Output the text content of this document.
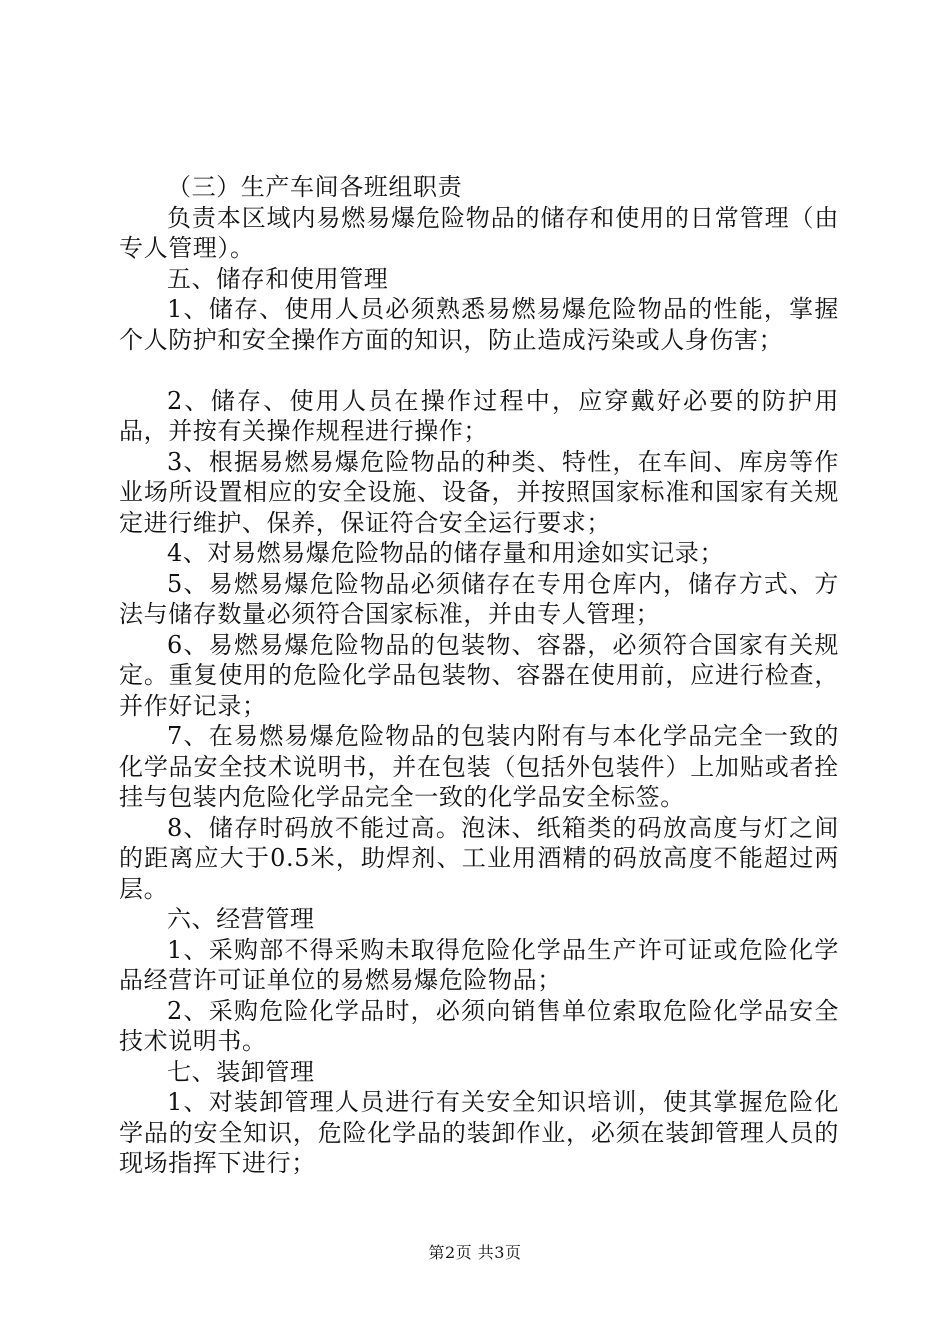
（三）生产车间各班组职责

负责本区域内易燃易爆危险物品的储存和使用的日常管理（由专人管理）。

五、储存和使用管理

1、储存、使用人员必须熟悉易燃易爆危险物品的性能，掌握个人防护和安全操作方面的知识，防止造成污染或人身伤害；

2、储存、使用人员在操作过程中，应穿戴好必要的防护用品，并按有关操作规程进行操作；

3、根据易燃易爆危险物品的种类、特性，在车间、库房等作业场所设置相应的安全设施、设备，并按照国家标准和国家有关规定进行维护、保养，保证符合安全运行要求；

4、对易燃易爆危险物品的储存量和用途如实记录；

5、易燃易爆危险物品必须储存在专用仓库内，储存方式、方法与储存数量必须符合国家标准，并由专人管理；

6、易燃易爆危险物品的包装物、容器，必须符合国家有关规定。重复使用的危险化学品包装物、容器在使用前，应进行检查，并作好记录；

7、在易燃易爆危险物品的包装内附有与本化学品完全一致的化学品安全技术说明书，并在包装（包括外包装件）上加贴或者拴挂与包装内危险化学品完全一致的化学品安全标签。

8、储存时码放不能过高。泡沫、纸箱类的码放高度与灯之间的距离应大于0.5米，助焊剂、工业用酒精的码放高度不能超过两层。

六、经营管理

1、采购部不得采购未取得危险化学品生产许可证或危险化学品经营许可证单位的易燃易爆危险物品；

2、采购危险化学品时，必须向销售单位索取危险化学品安全技术说明书。

七、装卸管理

1、对装卸管理人员进行有关安全知识培训，使其掌握危险化学品的安全知识，危险化学品的装卸作业，必须在装卸管理人员的现场指挥下进行；

第2页 共3页
